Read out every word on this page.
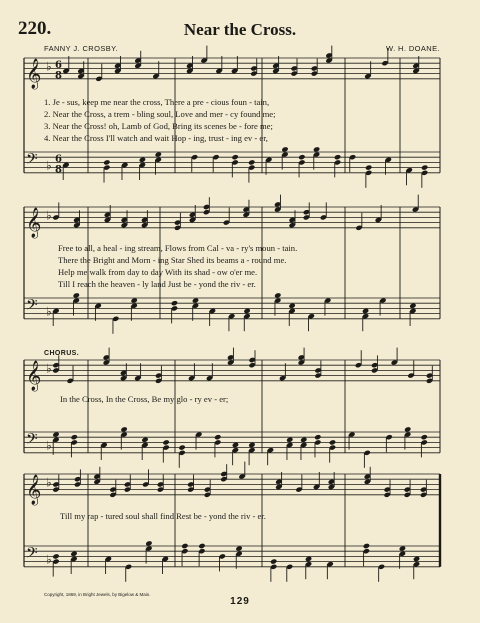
220.	Near the Cross.
FANNY J. CROSBY.	W. H. DOANE.
𝄞 ♭ 6
8
𝄢 ♭ 6
8
𝄞 ♭
𝄢 ♭
𝄞 ♭
𝄢 ♭
𝄞 ♭
𝄢 ♭
1. Je - sus, keep me near the cross, There a pre - cious foun - tain,
2. Near the Cross, a trem - bling soul, Love and mer - cy found me;
3. Near the Cross! oh, Lamb of God, Bring its scenes be - fore me;
4. Near the Cross I'll watch and wait Hop - ing, trust - ing ev - er,
Free to all, a heal - ing stream, Flows from Cal - va - ry's moun - tain.
There the Bright and Morn - ing Star Shed its beams a - round me.
Help me walk from day to day With its shad - ow o'er me.
Till I reach the heaven - ly land Just be - yond the riv - er.
CHORUS.
In the Cross, In the Cross, Be my glo - ry ev - er;
Till my rap - tured soul shall find Rest be - yond the riv - er.
Copyright, 1869, in Bright Jewels, by Bigelow & Main.
129
